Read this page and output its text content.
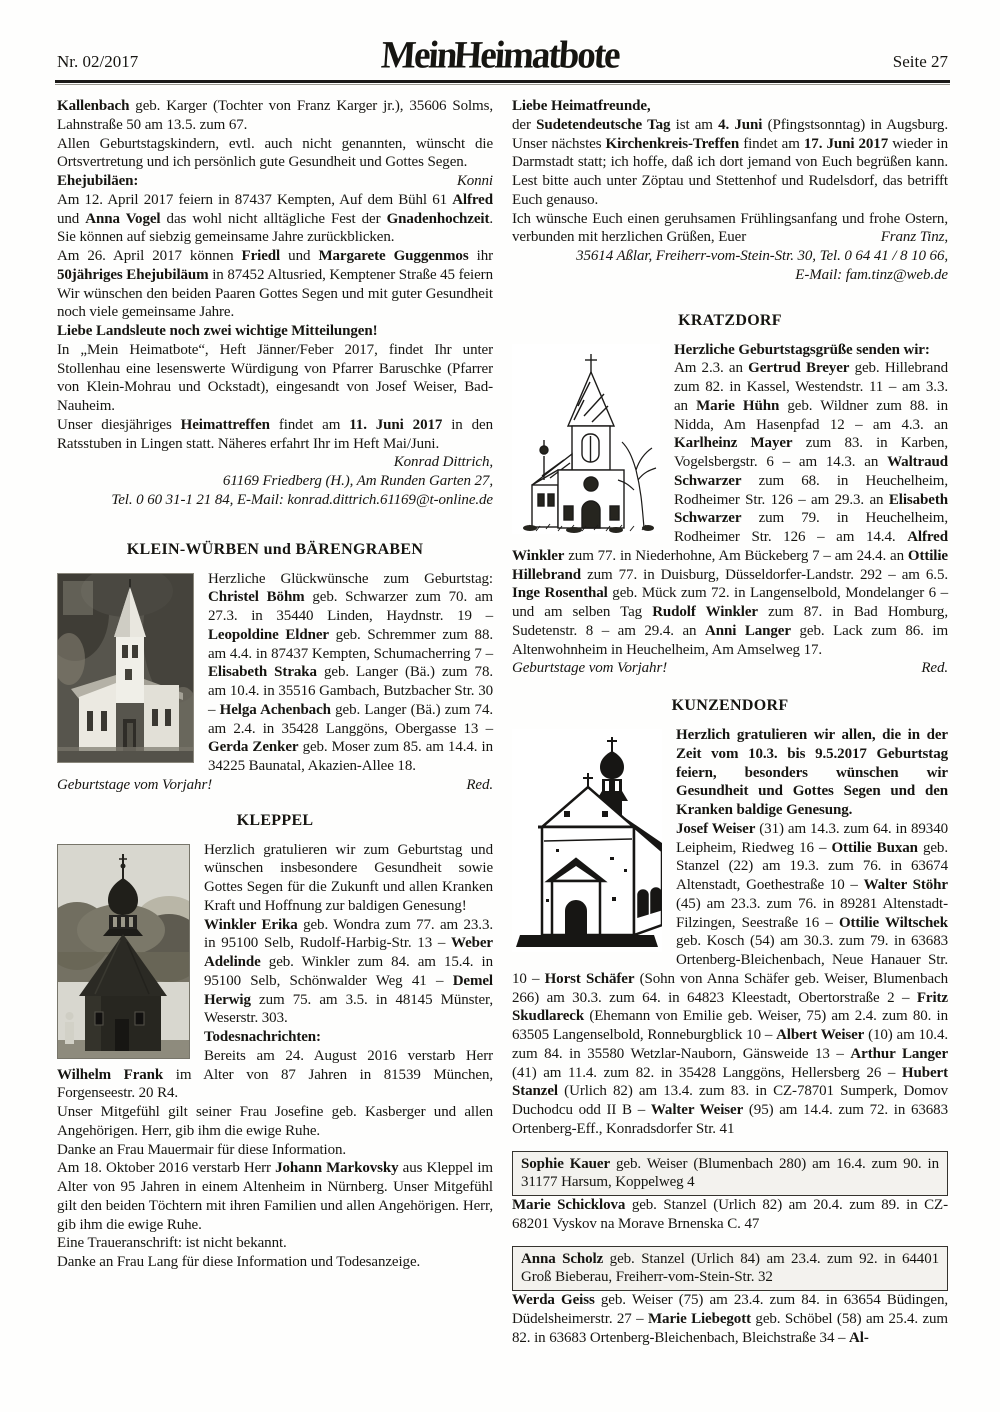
Nr. 02/2017	Mein Heimatbote	Seite 27

Kallenbach geb. Karger (Tochter von Franz Karger jr.), 35606 Solms, Lahnstraße 50 am 13.5. zum 67.

Allen Geburtstagskindern, evtl. auch nicht genannten, wünscht die Ortsvertretung und ich persönlich gute Gesundheit und Gottes Segen.
Konni

Ehejubiläen:

Am 12. April 2017 feiern in 87437 Kempten, Auf dem Bühl 61 Alfred und Anna Vogel das wohl nicht alltägliche Fest der Gnadenhochzeit. Sie können auf siebzig gemeinsame Jahre zurückblicken.

Am 26. April 2017 können Friedl und Margarete Guggenmos ihr 50jähriges Ehejubiläum in 87452 Altusried, Kemptener Straße 45 feiern

Wir wünschen den beiden Paaren Gottes Segen und mit guter Gesundheit noch viele gemeinsame Jahre.

Liebe Landsleute noch zwei wichtige Mitteilungen!

In „Mein Heimatbote“, Heft Jänner/Feber 2017, findet Ihr unter Stollenhau eine lesenswerte Würdigung von Pfarrer Baruschke (Pfarrer von Klein-Mohrau und Ockstadt), eingesandt von Josef Weiser, Bad-Nauheim.

Unser diesjähriges Heimattreffen findet am 11. Juni 2017 in den Ratsstuben in Lingen statt. Näheres erfahrt Ihr im Heft Mai/Juni.

Konrad Dittrich,
61169 Friedberg (H.), Am Runden Garten 27,
Tel. 0 60 31-1 21 84, E-Mail: konrad.dittrich.61169@t-online.de
KLEIN-WÜRBEN und BÄRENGRABEN

Herzliche Glückwünsche zum Geburtstag: Christel Böhm geb. Schwarzer zum 70. am 27.3. in 35440 Linden, Haydnstr. 19 – Leopoldine Eldner geb. Schremmer zum 88. am 4.4. in 87437 Kempten, Schumacherring 7 – Elisabeth Straka geb. Langer (Bä.) zum 78. am 10.4. in 35516 Gambach, Butzbacher Str. 30 – Helga Achenbach geb. Langer (Bä.) zum 74. am 2.4. in 35428 Langgöns, Obergasse 13 – Gerda Zenker geb. Moser zum 85. am 14.4. in 34225 Baunatal, Akazien-Allee 18.

Geburtstage vom Vorjahr!	Red.

KLEPPEL

Herzlich gratulieren wir zum Geburtstag und wünschen insbesondere Gesundheit sowie Gottes Segen für die Zukunft und allen Kranken Kraft und Hoffnung zur baldigen Genesung!

Winkler Erika geb. Wondra zum 77. am 23.3. in 95100 Selb, Rudolf-Harbig-Str. 13 – Weber Adelinde geb. Winkler zum 84. am 15.4. in 95100 Selb, Schönwalder Weg 41 – Demel Herwig zum 75. am 3.5. in 48145 Münster, Weserstr. 303.

Todesnachrichten:

Bereits am 24. August 2016 verstarb Herr Wilhelm Frank im Alter von 87 Jahren in 81539 München, Forgenseestr. 20 R4.

Unser Mitgefühl gilt seiner Frau Josefine geb. Kasberger und allen Angehörigen. Herr, gib ihm die ewige Ruhe.

Danke an Frau Mauermair für diese Information.

Am 18. Oktober 2016 verstarb Herr Johann Markovsky aus Kleppel im Alter von 95 Jahren in einem Altenheim in Nürnberg. Unser Mitgefühl gilt den beiden Töchtern mit ihren Familien und allen Angehörigen. Herr, gib ihm die ewige Ruhe.

Eine Traueranschrift: ist nicht bekannt.

Danke an Frau Lang für diese Information und Todesanzeige.

Liebe Heimatfreunde,

der Sudetendeutsche Tag ist am 4. Juni (Pfingstsonntag) in Augsburg. Unser nächstes Kirchenkreis-Treffen findet am 17. Juni 2017 wieder in Darmstadt statt; ich hoffe, daß ich dort jemand von Euch begrüßen kann. Lest bitte auch unter Zöptau und Stettenhof und Rudelsdorf, das betrifft Euch genauso.

Ich wünsche Euch einen geruhsamen Frühlingsanfang und frohe Ostern, verbunden mit herzlichen Grüßen, Euer	Franz Tinz,

35614 Aßlar, Freiherr-vom-Stein-Str. 30, Tel. 0 64 41 / 8 10 66,
E-Mail: fam.tinz@web.de
KRATZDORF

Herzliche Geburtstagsgrüße senden wir:

Am 2.3. an Gertrud Breyer geb. Hillebrand zum 82. in Kassel, Westendstr. 11 – am 3.3. an Marie Hühn geb. Wildner zum 88. in Nidda, Am Hasenpfad 12 – am 4.3. an Karlheinz Mayer zum 83. in Karben, Vogelsbergstr. 6 – am 14.3. an Waltraud Schwarzer zum 68. in Heuchelheim, Rodheimer Str. 126 – am 29.3. an Elisabeth Schwarzer zum 79. in Heuchelheim, Rodheimer Str. 126 – am 14.4. Alfred Winkler zum 77. in Niederhohne, Am Bückeberg 7 – am 24.4. an Ottilie Hillebrand zum 77. in Duisburg, Düsseldorfer-Landstr. 292 – am 6.5. Inge Rosenthal geb. Mück zum 72. in Langenselbold, Mondelanger 6 – und am selben Tag Rudolf Winkler zum 87. in Bad Homburg, Sudetenstr. 8 – am 29.4. an Anni Langer geb. Lack zum 86. im Altenwohnheim in Heuchelheim, Am Amselweg 17.

Geburtstage vom Vorjahr!	Red.

KUNZENDORF

Herzlich gratulieren wir allen, die in der Zeit vom 10.3. bis 9.5.2017 Geburtstag feiern, besonders wünschen wir Gesundheit und Gottes Segen und den Kranken baldige Genesung.

Josef Weiser (31) am 14.3. zum 64. in 89340 Leipheim, Riedweg 16 – Ottilie Buxan geb. Stanzel (22) am 19.3. zum 76. in 63674 Altenstadt, Goethestraße 10 – Walter Stöhr (45) am 23.3. zum 76. in 89281 Altenstadt-Filzingen, Seestraße 16 – Ottilie Wiltschek geb. Kosch (54) am 30.3. zum 79. in 63683 Ortenberg-Bleichenbach, Neue Hanauer Str. 10 – Horst Schäfer (Sohn von Anna Schäfer geb. Weiser, Blumenbach 266) am 30.3. zum 64. in 64823 Kleestadt, Obertorstraße 2 – Fritz Skudlareck (Ehemann von Emilie geb. Weiser, 75) am 2.4. zum 80. in 63505 Langenselbold, Ronneburgblick 10 – Albert Weiser (10) am 10.4. zum 84. in 35580 Wetzlar-Nauborn, Gänsweide 13 – Arthur Langer (41) am 11.4. zum 82. in 35428 Langgöns, Hellersberg 26 – Hubert Stanzel (Urlich 82) am 13.4. zum 83. in CZ-78701 Sumperk, Domov Duchodcu odd II B – Walter Weiser (95) am 14.4. zum 72. in 63683 Ortenberg-Eff., Konradsdorfer Str. 41

Sophie Kauer geb. Weiser (Blumenbach 280) am 16.4. zum 90. in 31177 Harsum, Koppelweg 4

Marie Schicklova geb. Stanzel (Urlich 82) am 20.4. zum 89. in CZ-68201 Vyskov na Morave Brnenska C. 47

Anna Scholz geb. Stanzel (Urlich 84) am 23.4. zum 92. in 64401 Groß Bieberau, Freiherr-vom-Stein-Str. 32

Werda Geiss geb. Weiser (75) am 23.4. zum 84. in 63654 Büdingen, Düdelsheimerstr. 27 – Marie Liebegott geb. Schöbel (58) am 25.4. zum 82. in 63683 Ortenberg-Bleichenbach, Bleichstraße 34 – Al-
